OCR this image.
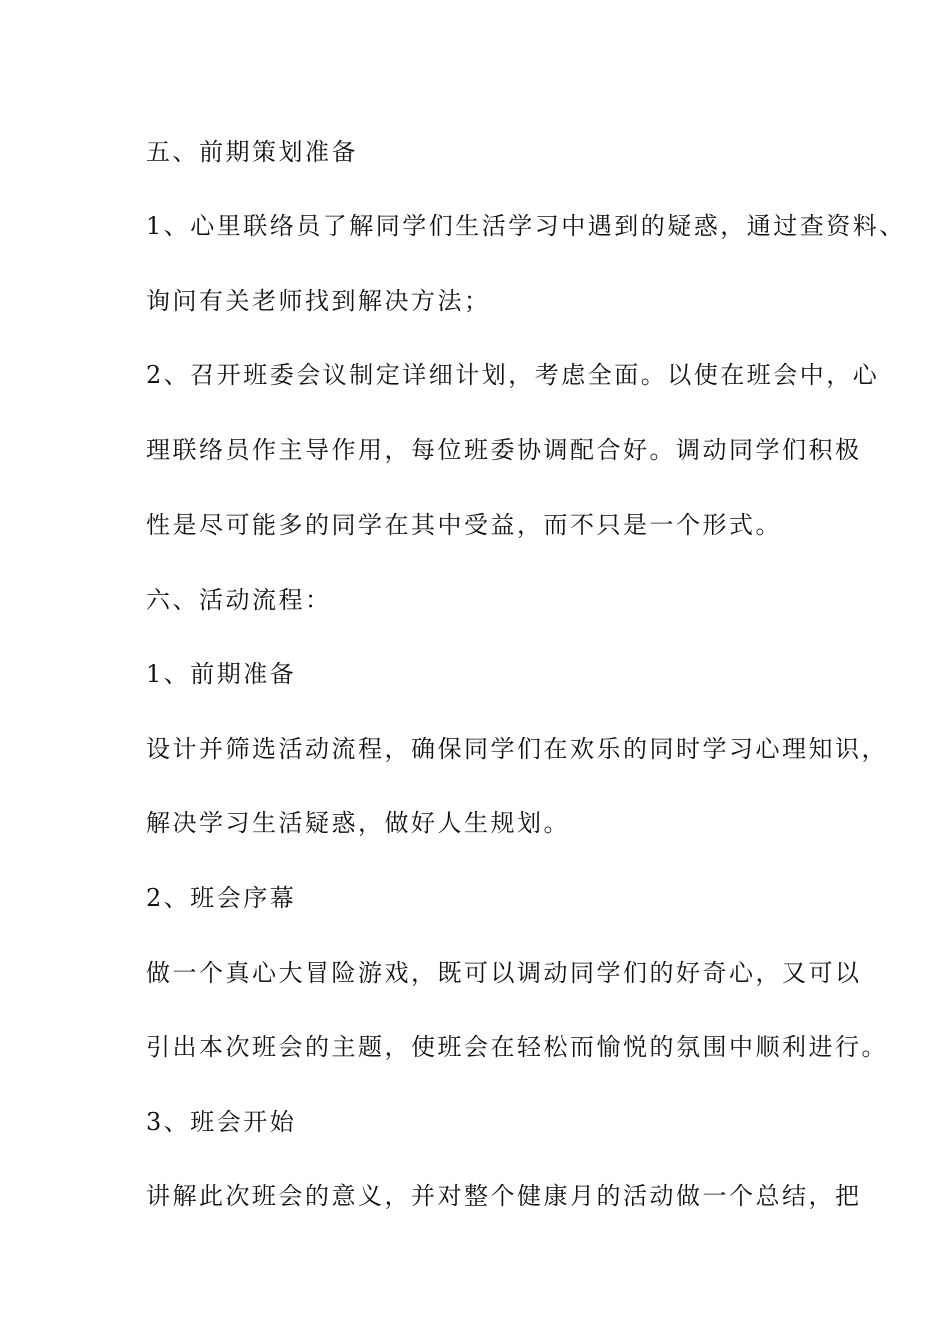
五、前期策划准备
1、心里联络员了解同学们生活学习中遇到的疑惑，通过查资料、
询问有关老师找到解决方法；
2、召开班委会议制定详细计划，考虑全面。以使在班会中，心
理联络员作主导作用，每位班委协调配合好。调动同学们积极
性是尽可能多的同学在其中受益，而不只是一个形式。
六、活动流程：
1、前期准备
设计并筛选活动流程，确保同学们在欢乐的同时学习心理知识，
解决学习生活疑惑，做好人生规划。
2、班会序幕
做一个真心大冒险游戏，既可以调动同学们的好奇心，又可以
引出本次班会的主题，使班会在轻松而愉悦的氛围中顺利进行。
3、班会开始
讲解此次班会的意义，并对整个健康月的活动做一个总结，把
